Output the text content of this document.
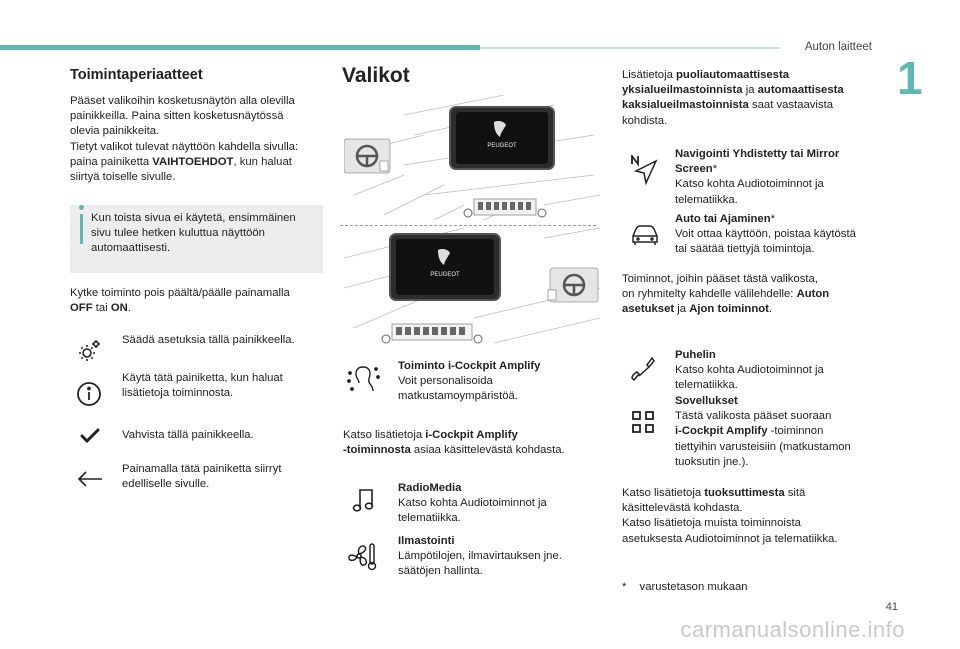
Auton laitteet
1
Toimintaperiaatteet

Pääset valikoihin kosketusnäytön alla olevilla

painikkeilla. Paina sitten kosketusnäytössä

olevia painikkeita.

Tietyt valikot tulevat näyttöön kahdella sivulla:

paina painiketta VAIHTOEHDOT, kun haluat

siirtyä toiselle sivulle.

Kun toista sivua ei käytetä, ensimmäinen

sivu tulee hetken kuluttua näyttöön

automaattisesti.

Kytke toiminto pois päältä/päälle painamalla

OFF tai ON.

Säädä asetuksia tällä painikkeella.

Käytä tätä painiketta, kun haluat

lisätietoja toiminnosta.

Vahvista tällä painikkeella.

Painamalla tätä painiketta siirryt

edelliselle sivulle.

Valikot
PEUGEOT
PEUGEOT

Toiminto i-Cockpit Amplify

Voit personalisoida

matkustamoympäristöä.

Katso lisätietoja i-Cockpit Amplify

-toiminnosta asiaa käsittelevästä kohdasta.

RadioMedia

Katso kohta Audiotoiminnot ja

telematiikka.

Ilmastointi

Lämpötilojen, ilmavirtauksen jne.

säätöjen hallinta.

Lisätietoja puoliautomaattisesta

yksialueilmastoinnista ja automaattisesta

kaksialueilmastoinnista saat vastaavista

kohdista.

Navigointi Yhdistetty tai Mirror

Screen*

Katso kohta Audiotoiminnot ja

telematiikka.

Auto tai Ajaminen*

Voit ottaa käyttöön, poistaa käytöstä

tai säätää tiettyjä toimintoja.

Toiminnot, joihin pääset tästä valikosta,

on ryhmitelty kahdelle välilehdelle: Auton

asetukset ja Ajon toiminnot.

Puhelin

Katso kohta Audiotoiminnot ja

telematiikka.

Sovellukset

Tästä valikosta pääset suoraan

i-Cockpit Amplify -toiminnon

tiettyihin varusteisiin (matkustamon

tuoksutin jne.).

Katso lisätietoja tuoksuttimesta sitä

käsittelevästä kohdasta.

Katso lisätietoja muista toiminnoista

asetuksesta Audiotoiminnot ja telematiikka.

* varustetason mukaan
41
carmanualsonline.info
